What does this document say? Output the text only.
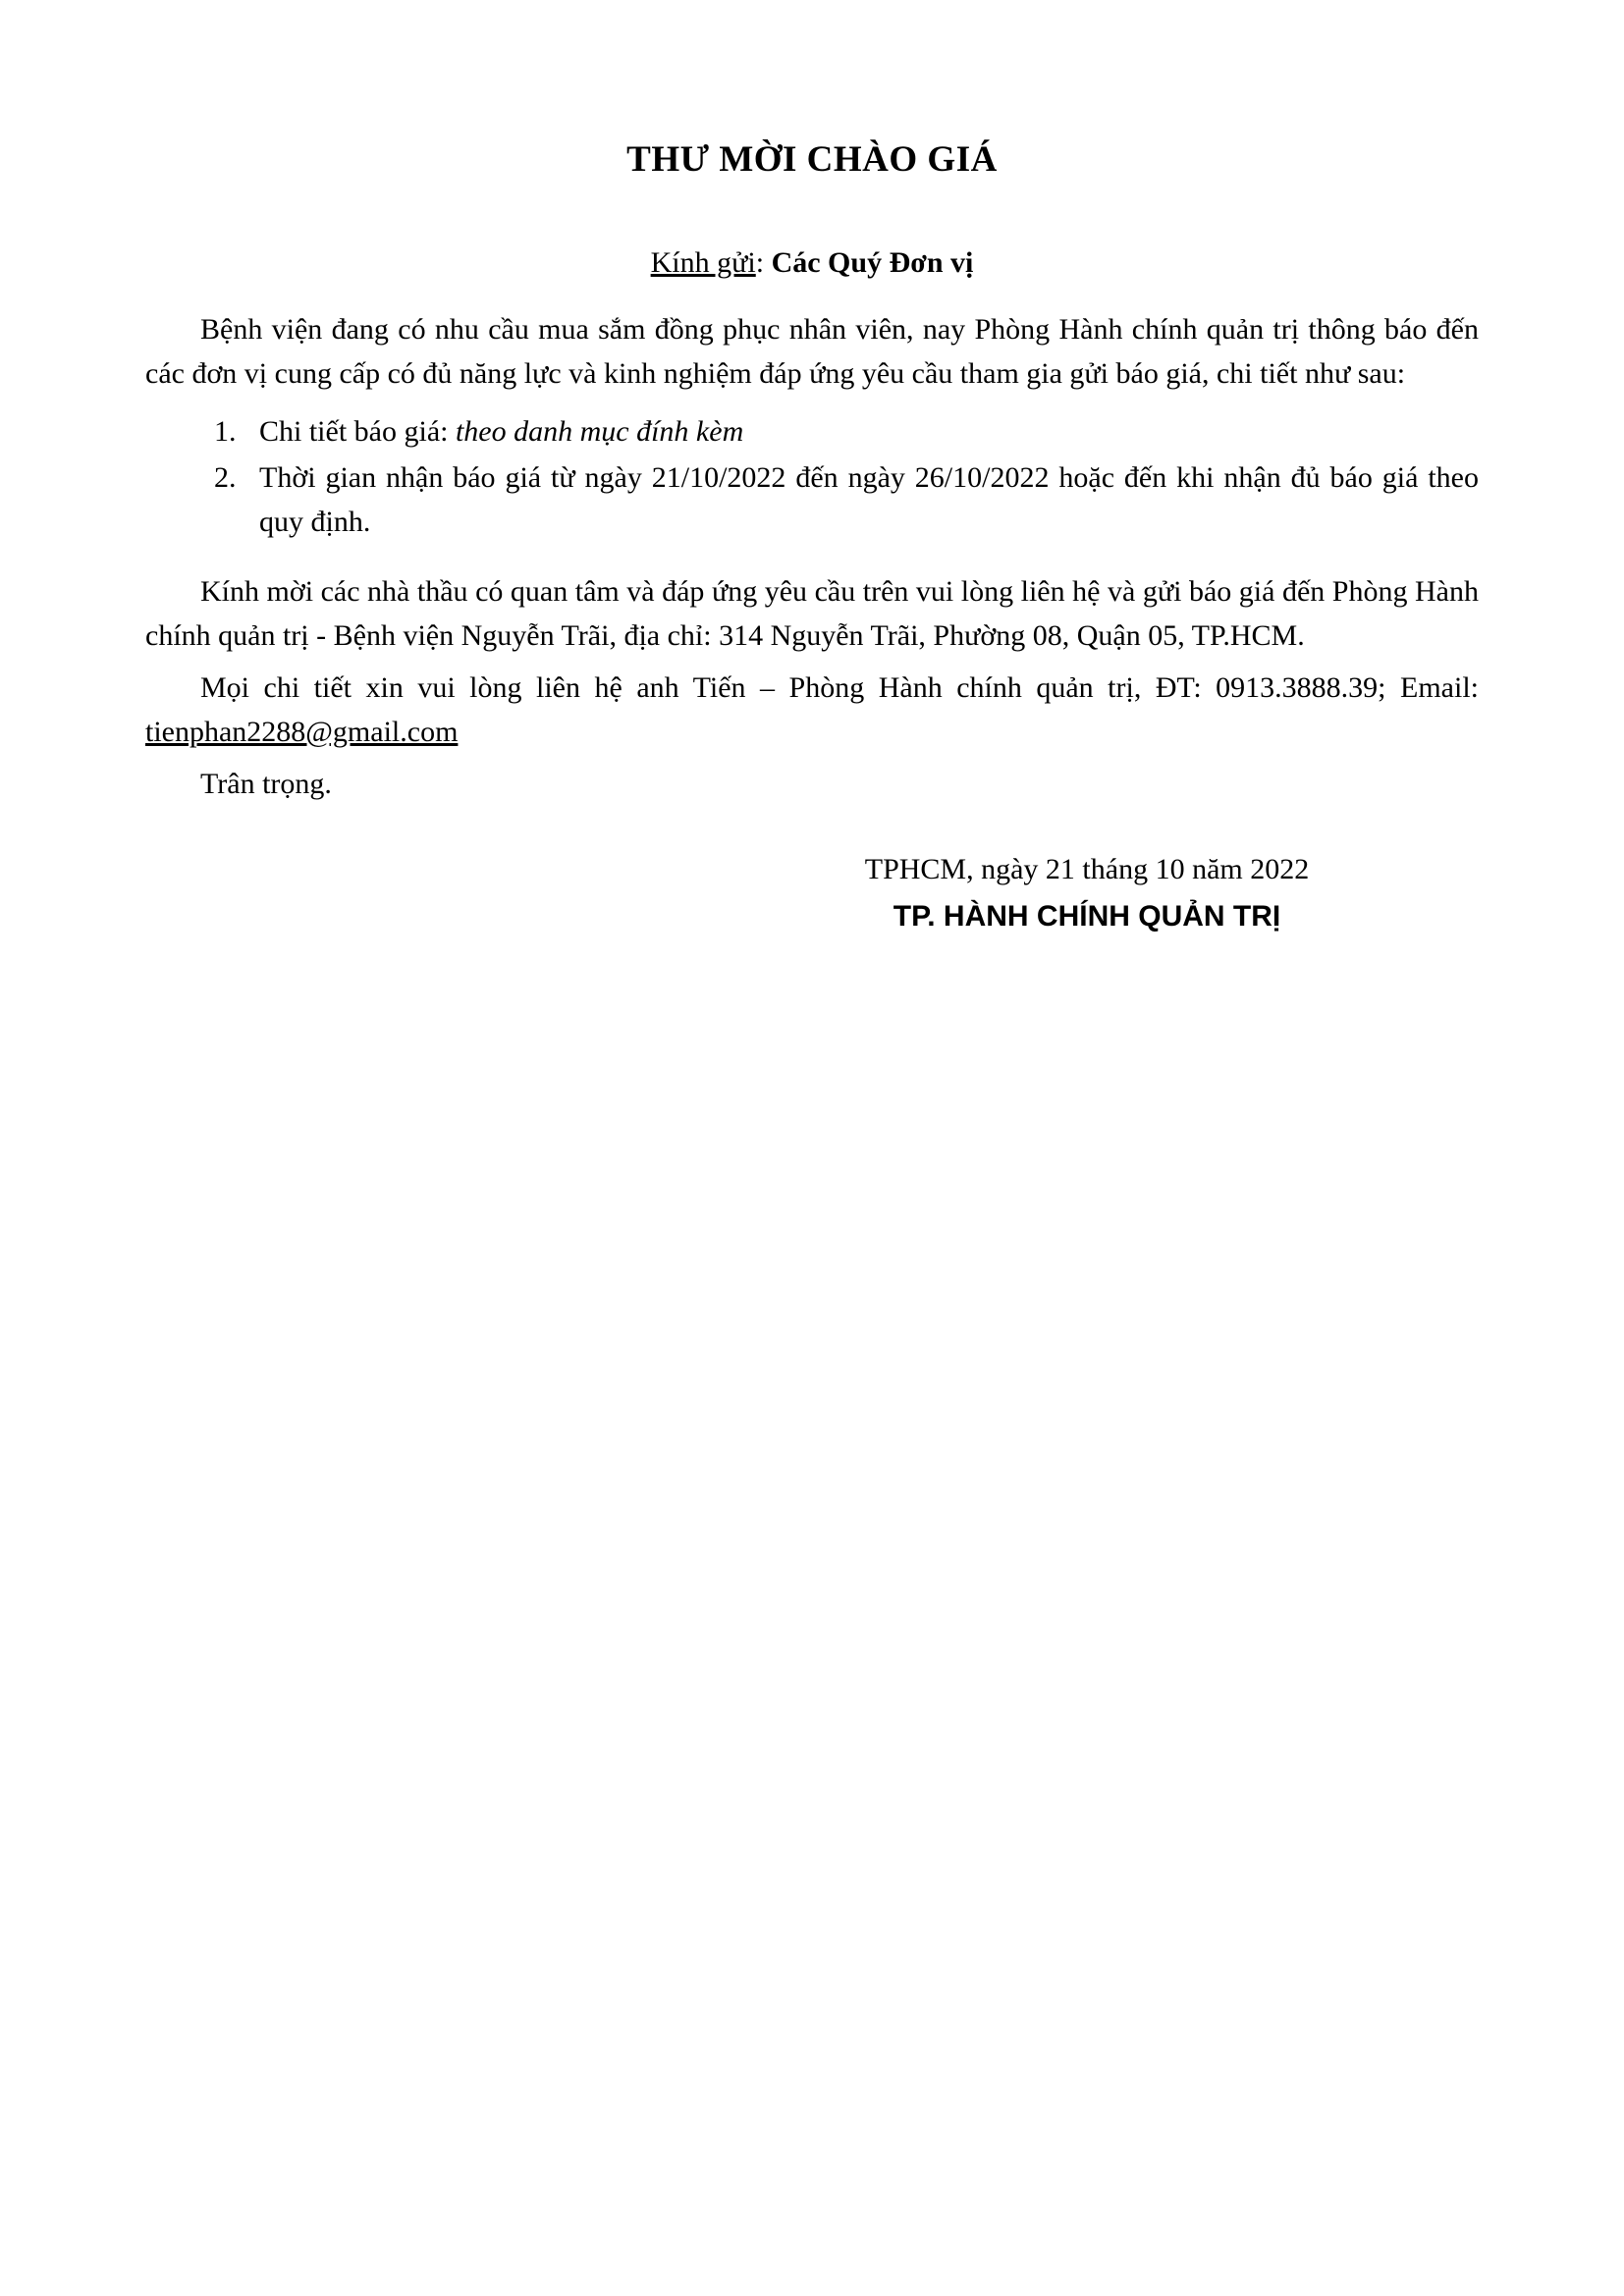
THƯ MỜI CHÀO GIÁ
Kính gửi: Các Quý Đơn vị

Bệnh viện đang có nhu cầu mua sắm đồng phục nhân viên, nay Phòng Hành chính quản trị thông báo đến các đơn vị cung cấp có đủ năng lực và kinh nghiệm đáp ứng yêu cầu tham gia gửi báo giá, chi tiết như sau:

1. Chi tiết báo giá: theo danh mục đính kèm
2. Thời gian nhận báo giá từ ngày 21/10/2022 đến ngày 26/10/2022 hoặc đến khi nhận đủ báo giá theo quy định.

Kính mời các nhà thầu có quan tâm và đáp ứng yêu cầu trên vui lòng liên hệ và gửi báo giá đến Phòng Hành chính quản trị - Bệnh viện Nguyễn Trãi, địa chỉ: 314 Nguyễn Trãi, Phường 08, Quận 05, TP.HCM.

Mọi chi tiết xin vui lòng liên hệ anh Tiến – Phòng Hành chính quản trị, ĐT: 0913.3888.39; Email: tienphan2288@gmail.com

Trân trọng.

TPHCM, ngày 21 tháng 10 năm 2022
TP. HÀNH CHÍNH QUẢN TRỊ
